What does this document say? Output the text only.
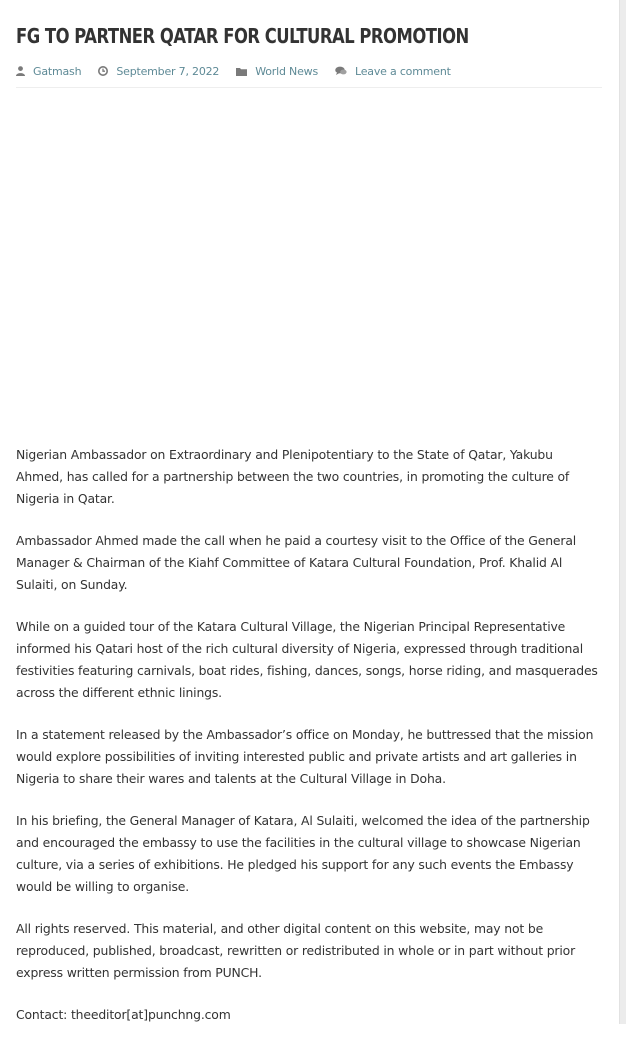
FG TO PARTNER QATAR FOR CULTURAL PROMOTION
Gatmash	September 7, 2022	World News	Leave a comment

Nigerian Ambassador on Extraordinary and Plenipotentiary to the State of Qatar, Yakubu Ahmed, has called for a partnership between the two countries, in promoting the culture of Nigeria in Qatar.

Ambassador Ahmed made the call when he paid a courtesy visit to the Office of the General Manager & Chairman of the Kiahf Committee of Katara Cultural Foundation, Prof. Khalid Al Sulaiti, on Sunday.

While on a guided tour of the Katara Cultural Village, the Nigerian Principal Representative informed his Qatari host of the rich cultural diversity of Nigeria, expressed through traditional festivities featuring carnivals, boat rides, fishing, dances, songs, horse riding, and masquerades across the different ethnic linings.

In a statement released by the Ambassador’s office on Monday, he buttressed that the mission would explore possibilities of inviting interested public and private artists and art galleries in Nigeria to share their wares and talents at the Cultural Village in Doha.

In his briefing, the General Manager of Katara, Al Sulaiti, welcomed the idea of the partnership and encouraged the embassy to use the facilities in the cultural village to showcase Nigerian culture, via a series of exhibitions. He pledged his support for any such events the Embassy would be willing to organise.

All rights reserved. This material, and other digital content on this website, may not be reproduced, published, broadcast, rewritten or redistributed in whole or in part without prior express written permission from PUNCH.

Contact: theeditor[at]punchng.com
